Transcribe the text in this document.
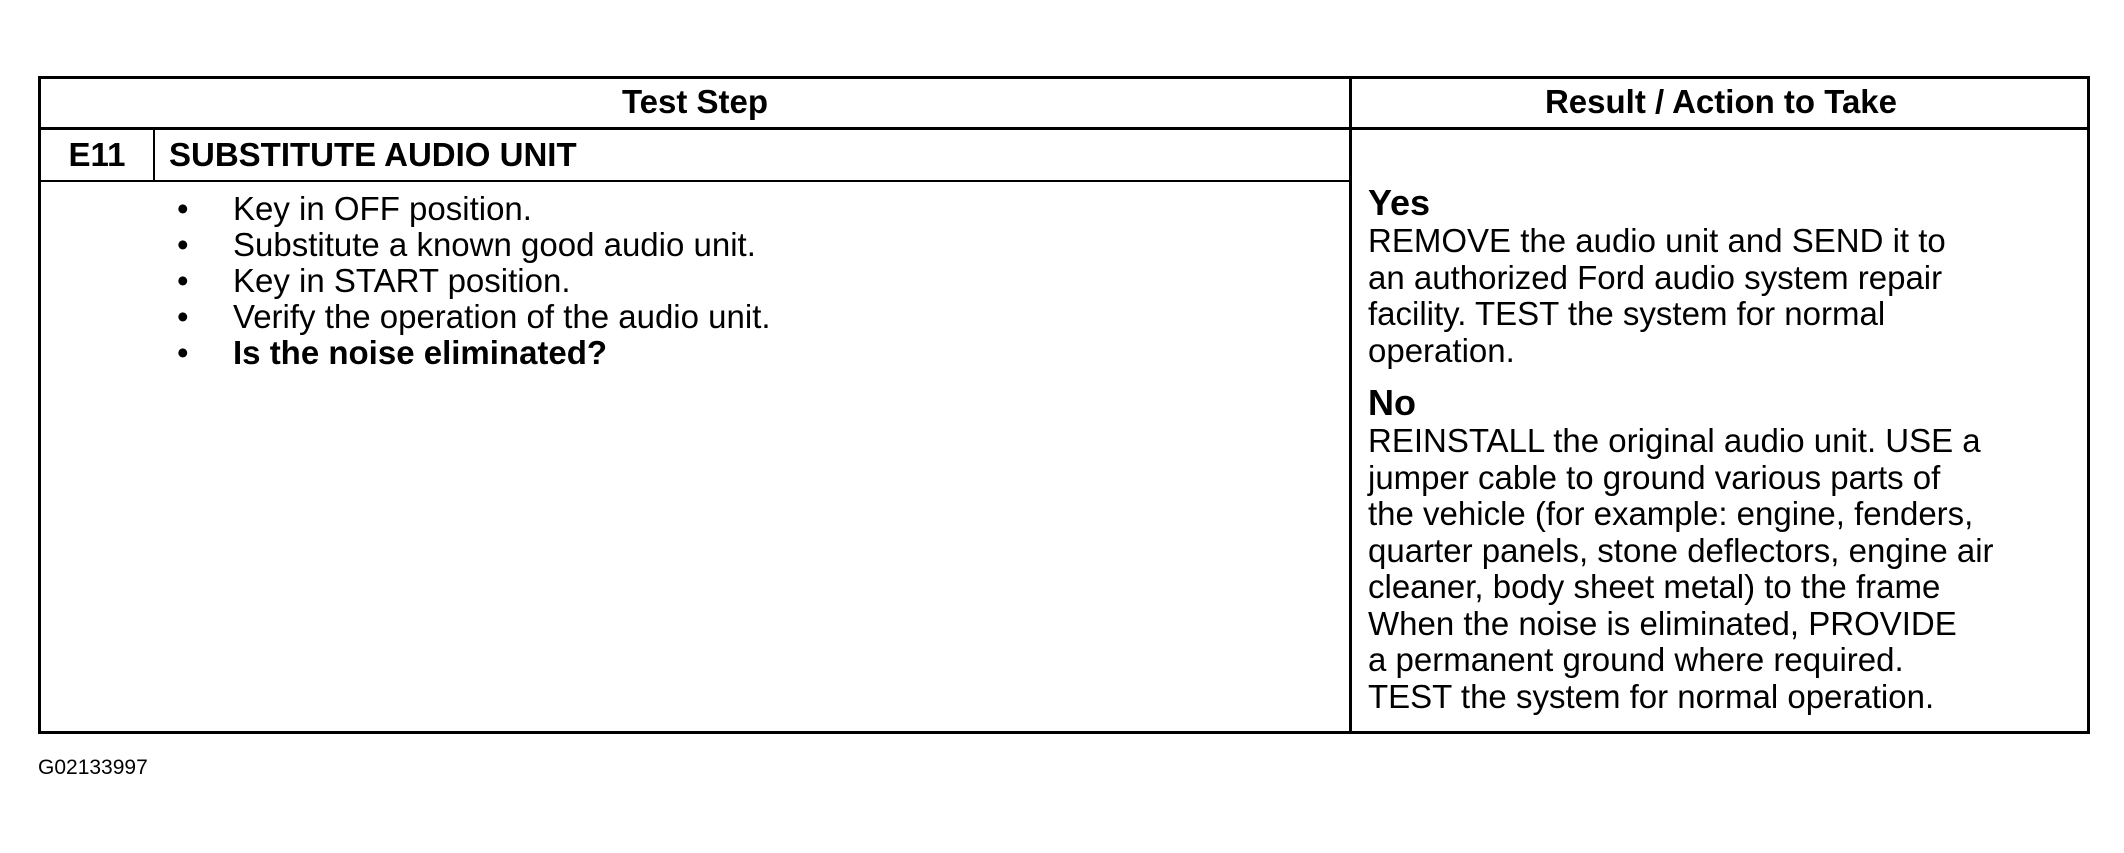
Test Step	Result / Action to Take
E11	SUBSTITUTE AUDIO UNIT
• Key in OFF position.
• Substitute a known good audio unit.
• Key in START position.
• Verify the operation of the audio unit.
• Is the noise eliminated?
Yes
REMOVE the audio unit and SEND it to
an authorized Ford audio system repair
facility. TEST the system for normal
operation.
No
REINSTALL the original audio unit. USE a
jumper cable to ground various parts of
the vehicle (for example: engine, fenders,
quarter panels, stone deflectors, engine air
cleaner, body sheet metal) to the frame
When the noise is eliminated, PROVIDE
a permanent ground where required.
TEST the system for normal operation.
G02133997
